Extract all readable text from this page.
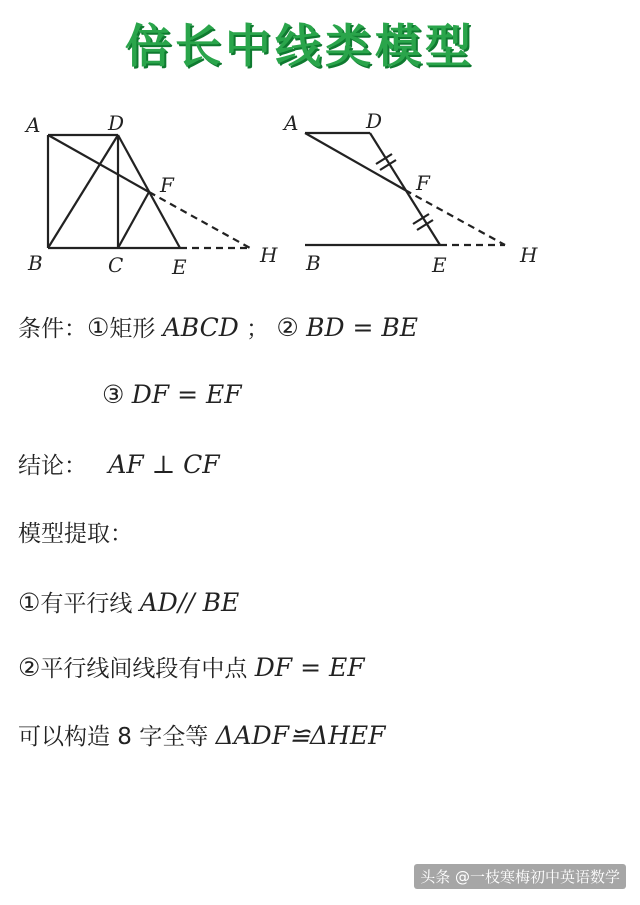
倍长中线类模型
A	D
F
B	C E	H
A	D
F
B	E	H
条件：①矩形 ABCD ； ② BD = BE
③ DF = EF
结论： AF ⊥ CF
模型提取：
①有平行线 AD// BE
②平行线间线段有中点 DF = EF
可以构造 8 字全等 ΔADF≌ΔHEF
头条 @一枝寒梅初中英语数学
